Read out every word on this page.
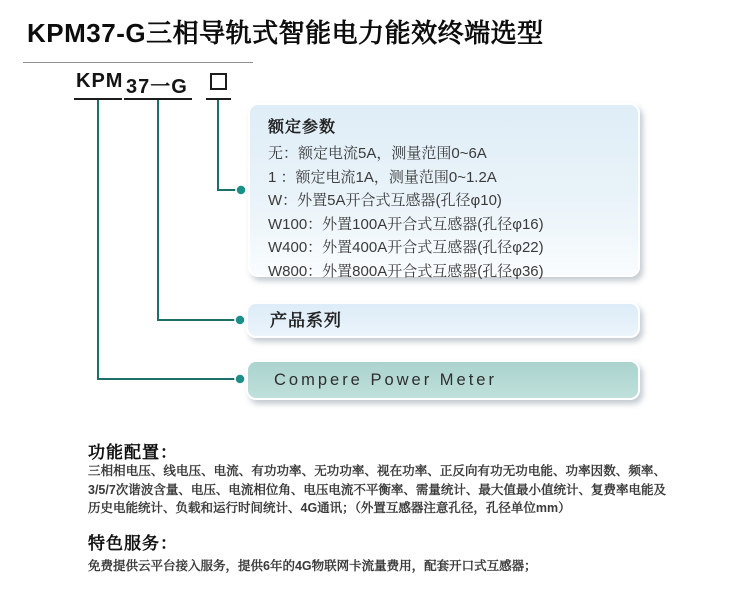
KPM37-G三相导轨式智能电力能效终端选型
KPM 37一G
额定参数
无：额定电流5A，测量范围0~6A
1 ：额定电流1A，测量范围0~1.2A
W：外置5A开合式互感器(孔径φ10)
W100：外置100A开合式互感器(孔径φ16)
W400：外置400A开合式互感器(孔径φ22)
W800：外置800A开合式互感器(孔径φ36)
产品系列
Compere Power Meter
功能配置：
三相相电压、线电压、电流、有功功率、无功功率、视在功率、正反向有功无功电能、功率因数、频率、3/5/7次谐波含量、电压、电流相位角、电压电流不平衡率、需量统计、最大值最小值统计、复费率电能及历史电能统计、负载和运行时间统计、4G通讯；（外置互感器注意孔径，孔径单位mm）
特色服务：
免费提供云平台接入服务，提供6年的4G物联网卡流量费用，配套开口式互感器；
